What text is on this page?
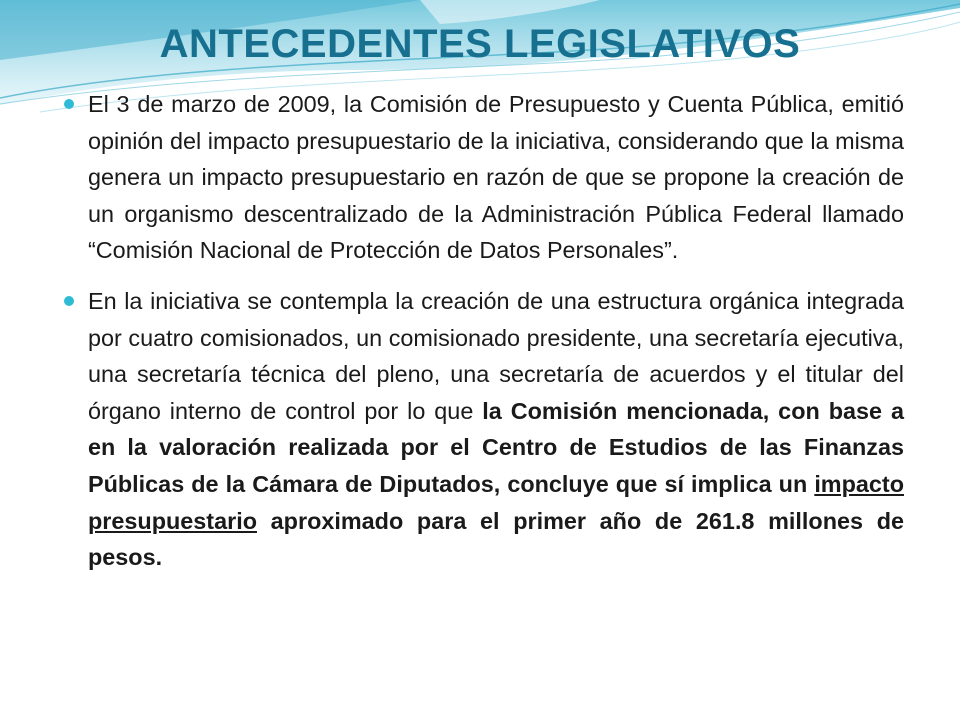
ANTECEDENTES LEGISLATIVOS

El 3 de marzo de 2009, la Comisión de Presupuesto y Cuenta Pública, emitió opinión del impacto presupuestario de la iniciativa, considerando que la misma genera un impacto presupuestario en razón de que se propone la creación de un organismo descentralizado de la Administración Pública Federal llamado “Comisión Nacional de Protección de Datos Personales”.

En la iniciativa se contempla la creación de una estructura orgánica integrada por cuatro comisionados, un comisionado presidente, una secretaría ejecutiva, una secretaría técnica del pleno, una secretaría de acuerdos y el titular del órgano interno de control por lo que la Comisión mencionada, con base a en la valoración realizada por el Centro de Estudios de las Finanzas Públicas de la Cámara de Diputados, concluye que sí implica un impacto presupuestario aproximado para el primer año de 261.8 millones de pesos.
